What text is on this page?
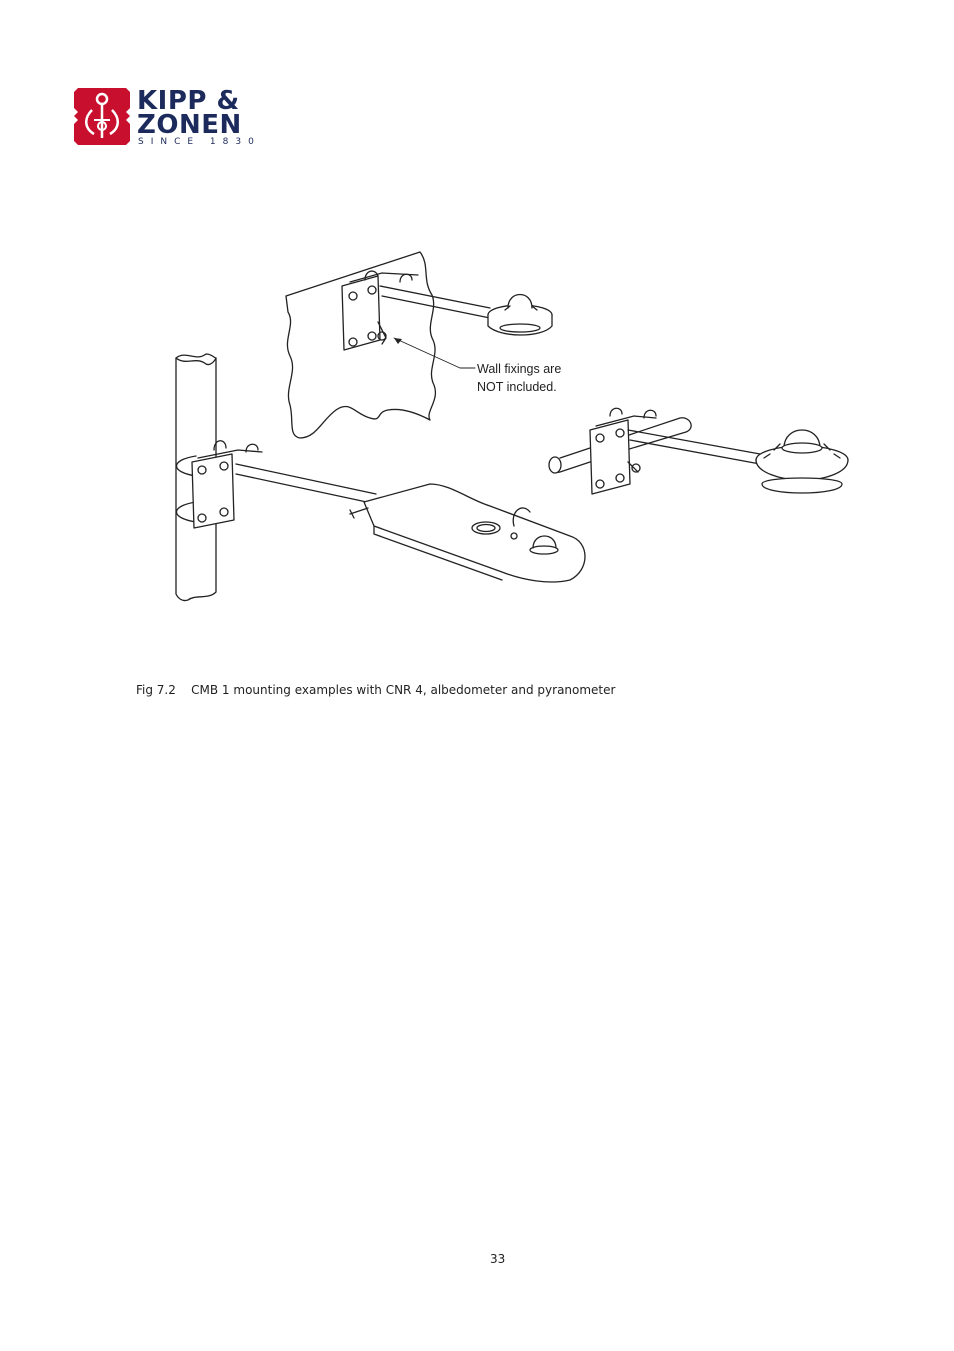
KIPP &
ZONEN
SINCE 1830
Wall fixings are
NOT included.
Fig 7.2 CMB 1 mounting examples with CNR 4, albedometer and pyranometer
33
